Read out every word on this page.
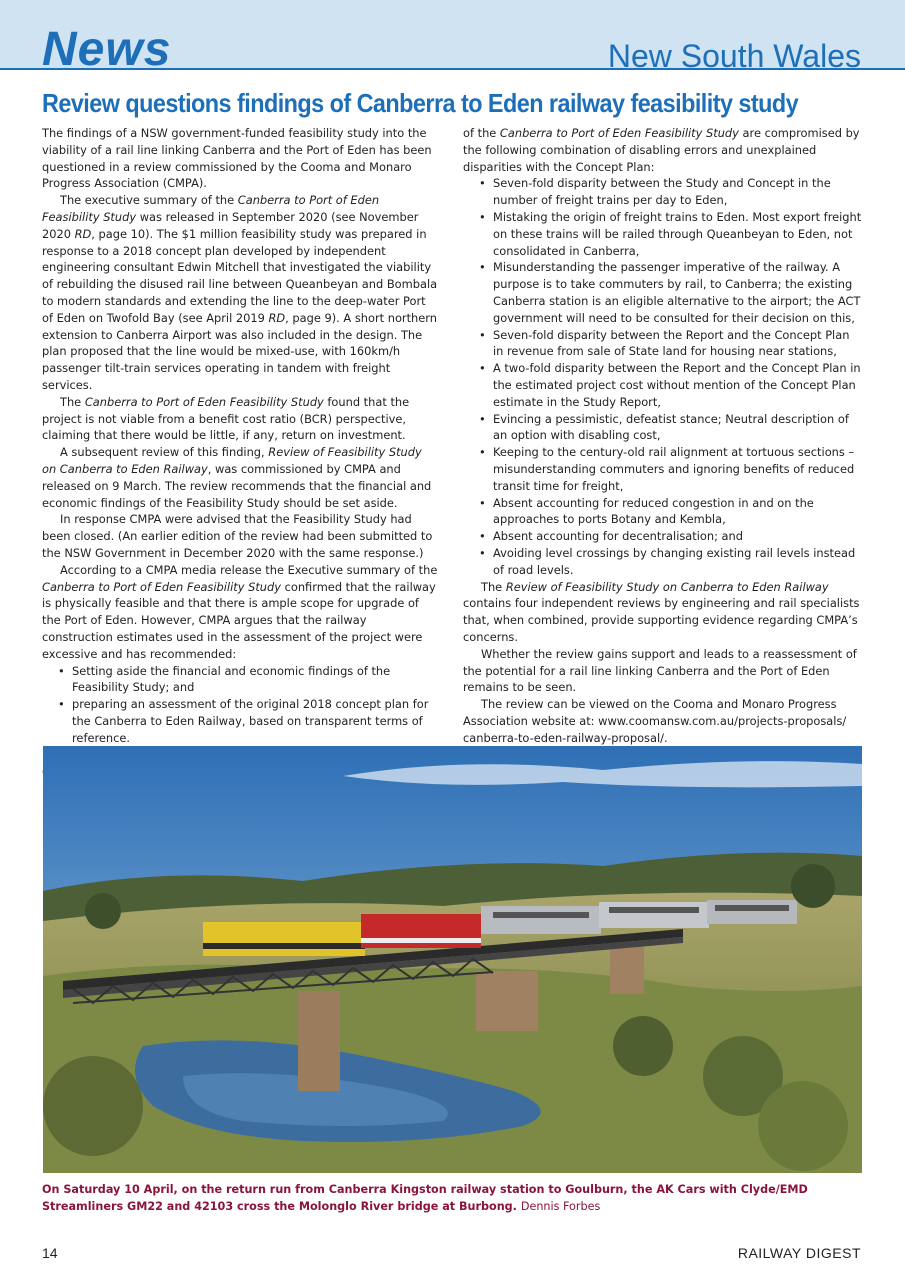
News	New South Wales
Review questions findings of Canberra to Eden railway feasibility study

The findings of a NSW government-funded feasibility study into the viability of a rail line linking Canberra and the Port of Eden has been questioned in a review commissioned by the Cooma and Monaro Progress Association (CMPA).

The executive summary of the Canberra to Port of Eden Feasibility Study was released in September 2020 (see November 2020 RD, page 10). The $1 million feasibility study was prepared in response to a 2018 concept plan developed by independent engineering consultant Edwin Mitchell that investigated the viability of rebuilding the disused rail line between Queanbeyan and Bombala to modern standards and extending the line to the deep-water Port of Eden on Twofold Bay (see April 2019 RD, page 9). A short northern extension to Canberra Airport was also included in the design. The plan proposed that the line would be mixed-use, with 160km/h passenger tilt-train services operating in tandem with freight services.

The Canberra to Port of Eden Feasibility Study found that the project is not viable from a benefit cost ratio (BCR) perspective, claiming that there would be little, if any, return on investment.

A subsequent review of this finding, Review of Feasibility Study on Canberra to Eden Railway, was commissioned by CMPA and released on 9 March. The review recommends that the financial and economic findings of the Feasibility Study should be set aside.

In response CMPA were advised that the Feasibility Study had been closed. (An earlier edition of the review had been submitted to the NSW Government in December 2020 with the same response.)

According to a CMPA media release the Executive summary of the Canberra to Port of Eden Feasibility Study confirmed that the railway is physically feasible and that there is ample scope for upgrade of the Port of Eden. However, CMPA argues that the railway construction estimates used in the assessment of the project were excessive and has recommended:

• Setting aside the financial and economic findings of the Feasibility Study; and
• preparing an assessment of the original 2018 concept plan for the Canberra to Eden Railway, based on transparent terms of reference.

of the Canberra to Port of Eden Feasibility Study are compromised by the following combination of disabling errors and unexplained disparities with the Concept Plan:

• Seven-fold disparity between the Study and Concept in the number of freight trains per day to Eden,
• Mistaking the origin of freight trains to Eden. Most export freight on these trains will be railed through Queanbeyan to Eden, not consolidated in Canberra,
• Misunderstanding the passenger imperative of the railway. A purpose is to take commuters by rail, to Canberra; the existing Canberra station is an eligible alternative to the airport; the ACT government will need to be consulted for their decision on this,
• Seven-fold disparity between the Report and the Concept Plan in revenue from sale of State land for housing near stations,
• A two-fold disparity between the Report and the Concept Plan in the estimated project cost without mention of the Concept Plan estimate in the Study Report,
• Evincing a pessimistic, defeatist stance; Neutral description of an option with disabling cost,
• Keeping to the century-old rail alignment at tortuous sections – misunderstanding commuters and ignoring benefits of reduced transit time for freight,
• Absent accounting for reduced congestion in and on the approaches to ports Botany and Kembla,
• Absent accounting for decentralisation; and
• Avoiding level crossings by changing existing rail levels instead of road levels.

The Review of Feasibility Study on Canberra to Eden Railway contains four independent reviews by engineering and rail specialists that, when combined, provide supporting evidence regarding CMPA’s concerns.

Whether the review gains support and leads to a reassessment of the potential for a rail line linking Canberra and the Port of Eden remains to be seen.

The review can be viewed on the Cooma and Monaro Progress Association website at: www.coomansw.com.au/projects-proposals/ canberra-to-eden-railway-proposal/.

On Saturday 10 April, on the return run from Canberra Kingston railway station to Goulburn, the AK Cars with Clyde/EMD Streamliners GM22 and 42103 cross the Molonglo River bridge at Burbong. Dennis Forbes
14	RAILWAY DIGEST
